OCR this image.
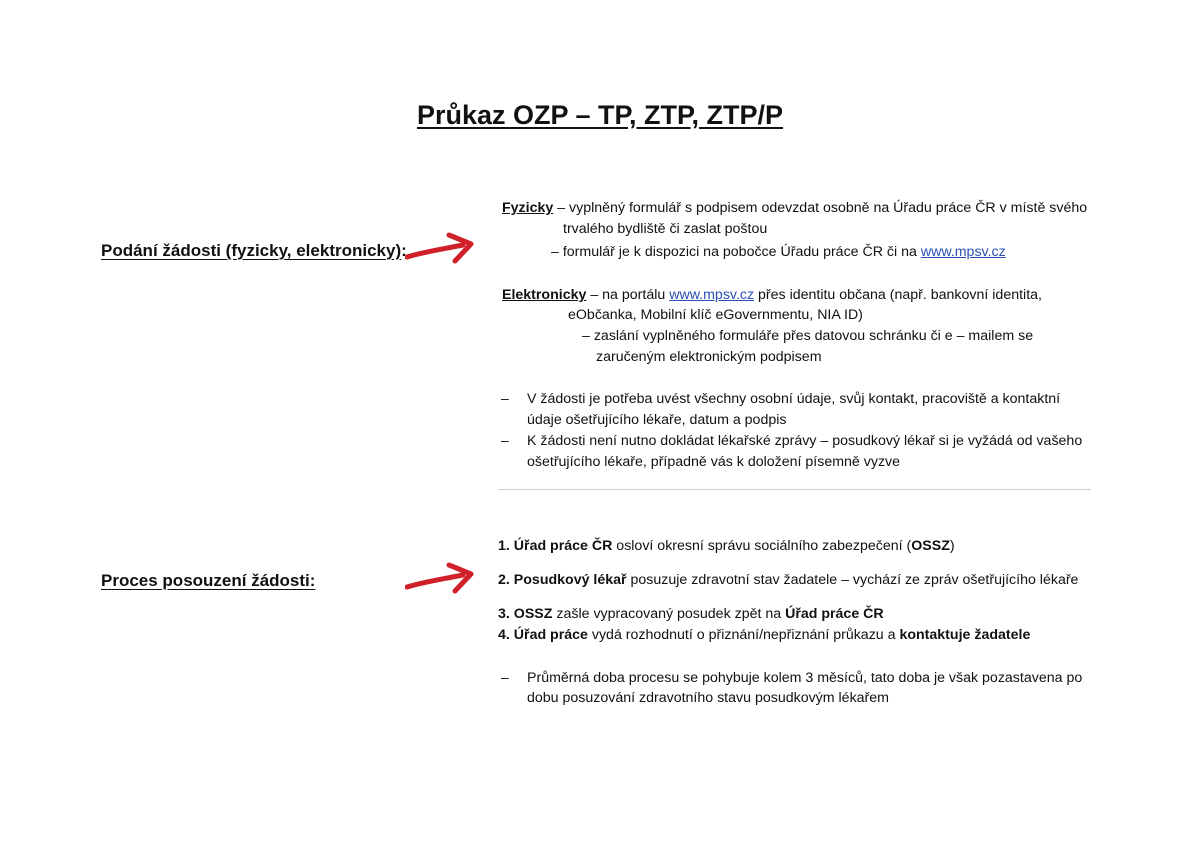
Průkaz OZP – TP, ZTP, ZTP/P
Podání žádosti (fyzicky, elektronicky):
Fyzicky – vyplněný formulář s podpisem odevzdat osobně na Úřadu práce ČR v místě svého
trvalého bydliště či zaslat poštou
– formulář je k dispozici na pobočce Úřadu práce ČR či na www.mpsv.cz
Elektronicky – na portálu www.mpsv.cz přes identitu občana (např. bankovní identita,
eObčanka, Mobilní klíč eGovernmentu, NIA ID)
– zaslání vyplněného formuláře přes datovou schránku či e – mailem se
zaručeným elektronickým podpisem
– V žádosti je potřeba uvést všechny osobní údaje, svůj kontakt, pracoviště a kontaktní
údaje ošetřujícího lékaře, datum a podpis
– K žádosti není nutno dokládat lékařské zprávy – posudkový lékař si je vyžádá od vašeho
ošetřujícího lékaře, případně vás k doložení písemně vyzve
Proces posouzení žádosti:
1. Úřad práce ČR osloví okresní správu sociálního zabezpečení (OSSZ)
2. Posudkový lékař posuzuje zdravotní stav žadatele – vychází ze zpráv ošetřujícího lékaře
3. OSSZ zašle vypracovaný posudek zpět na Úřad práce ČR
4. Úřad práce vydá rozhodnutí o přiznání/nepřiznání průkazu a kontaktuje žadatele
– Průměrná doba procesu se pohybuje kolem 3 měsíců, tato doba je však pozastavena po
dobu posuzování zdravotního stavu posudkovým lékařem
